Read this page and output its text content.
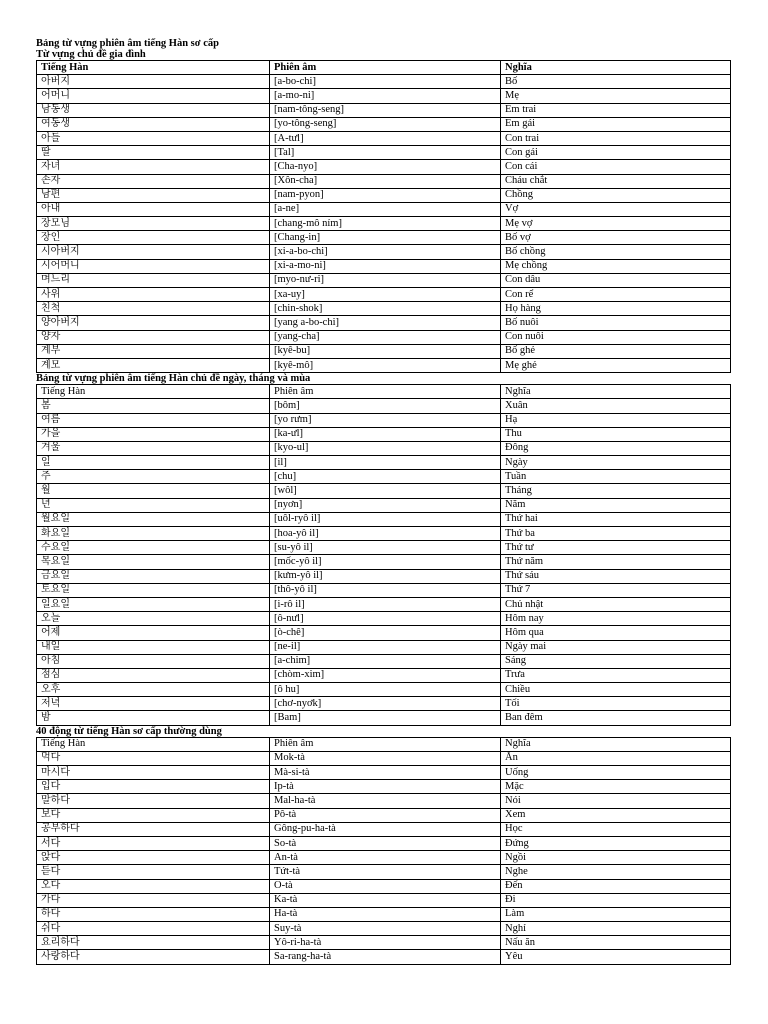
Bảng từ vựng phiên âm tiếng Hàn sơ cấp
Từ vựng chủ đề gia đình
Tiếng Hàn	Phiên âm	Nghĩa
아버지	[a-bo-chi]	Bố
어머니	[a-mo-ni]	Mẹ
남동생	[nam-tông-seng]	Em trai
여동생	[yo-tông-seng]	Em gái
아들	[A-tưl]	Con trai
딸	[Tal]	Con gái
자녀	[Cha-nyo]	Con cái
손자	[Xôn-cha]	Cháu chắt
남편	[nam-pyon]	Chồng
아내	[a-ne]	Vợ
장모님	[chang-mô ním]	Mẹ vợ
장인	[Chang-in]	Bố vợ
시아버지	[xi-a-bo-chi]	Bố chồng
시어머니	[xi-a-mo-ni]	Mẹ chồng
며느리	[myo-nư-ri]	Con dâu
사위	[xa-uy]	Con rể
친척	[chin-shok]	Họ hàng
양아버지	[yang a-bo-chi]	Bố nuôi
양자	[yang-cha]	Con nuôi
계부	[kyê-bu]	Bố ghẻ
계모	[kyê-mô]	Mẹ ghẻ
Bảng từ vựng phiên âm tiếng Hàn chủ đề ngày, tháng và mùa
Tiếng Hàn	Phiên âm	Nghĩa
봄	[bôm]	Xuân
여름	[yo rưm]	Hạ
가을	[ka-ưl]	Thu
겨울	[kyo-ul]	Đông
일	[il]	Ngày
주	[chu]	Tuần
월	[wôl]	Tháng
년	[nyơn]	Năm
월요일	[uôl-ryô il]	Thứ hai
화요일	[hoa-yô il]	Thứ ba
수요일	[su-yô il]	Thứ tư
목요일	[mốc-yô il]	Thứ năm
금요일	[kưm-yô il]	Thứ sáu
토요일	[thô-yô il]	Thứ 7
일요일	[i-rô il]	Chủ nhật
오늘	[ô-nưl]	Hôm nay
어제	[ò-chê]	Hôm qua
내일	[ne-il]	Ngày mai
아침	[a-chim]	Sáng
점심	[chòm-xim]	Trưa
오후	[ô hu]	Chiều
저녁	[chơ-nyơk]	Tối
밤	[Bam]	Ban đêm
40 động từ tiếng Hàn sơ cấp thường dùng
Tiếng Hàn	Phiên âm	Nghĩa
먹다	Mok-tà	Ăn
마시다	Mà-si-tà	Uống
입다	Ip-tà	Mặc
말하다	Mal-ha-tà	Nói
보다	Pô-tà	Xem
공부하다	Gông-pu-ha-tà	Học
서다	So-tà	Đứng
앉다	An-tà	Ngồi
듣다	Tứt-tà	Nghe
오다	O-tà	Đến
가다	Ka-tà	Đi
하다	Ha-tà	Làm
쉬다	Suy-tà	Nghỉ
요리하다	Yô-ri-ha-tà	Nấu ăn
사랑하다	Sa-rang-ha-tà	Yêu
